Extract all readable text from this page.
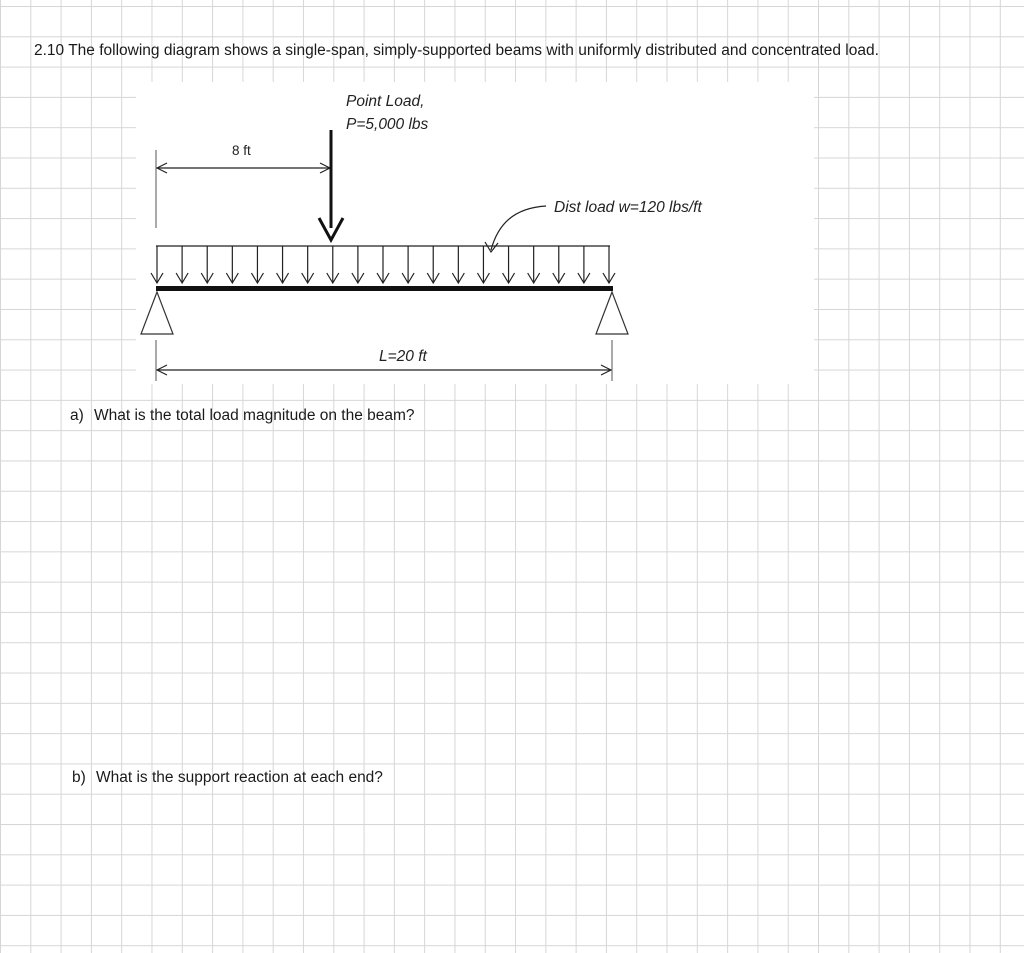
2.10 The following diagram shows a single-span, simply-supported beams with uniformly distributed and concentrated load.
Point Load,
P=5,000 lbs
8 ft
Dist load w=120 lbs/ft
L=20 ft
a) What is the total load magnitude on the beam?
b) What is the support reaction at each end?
